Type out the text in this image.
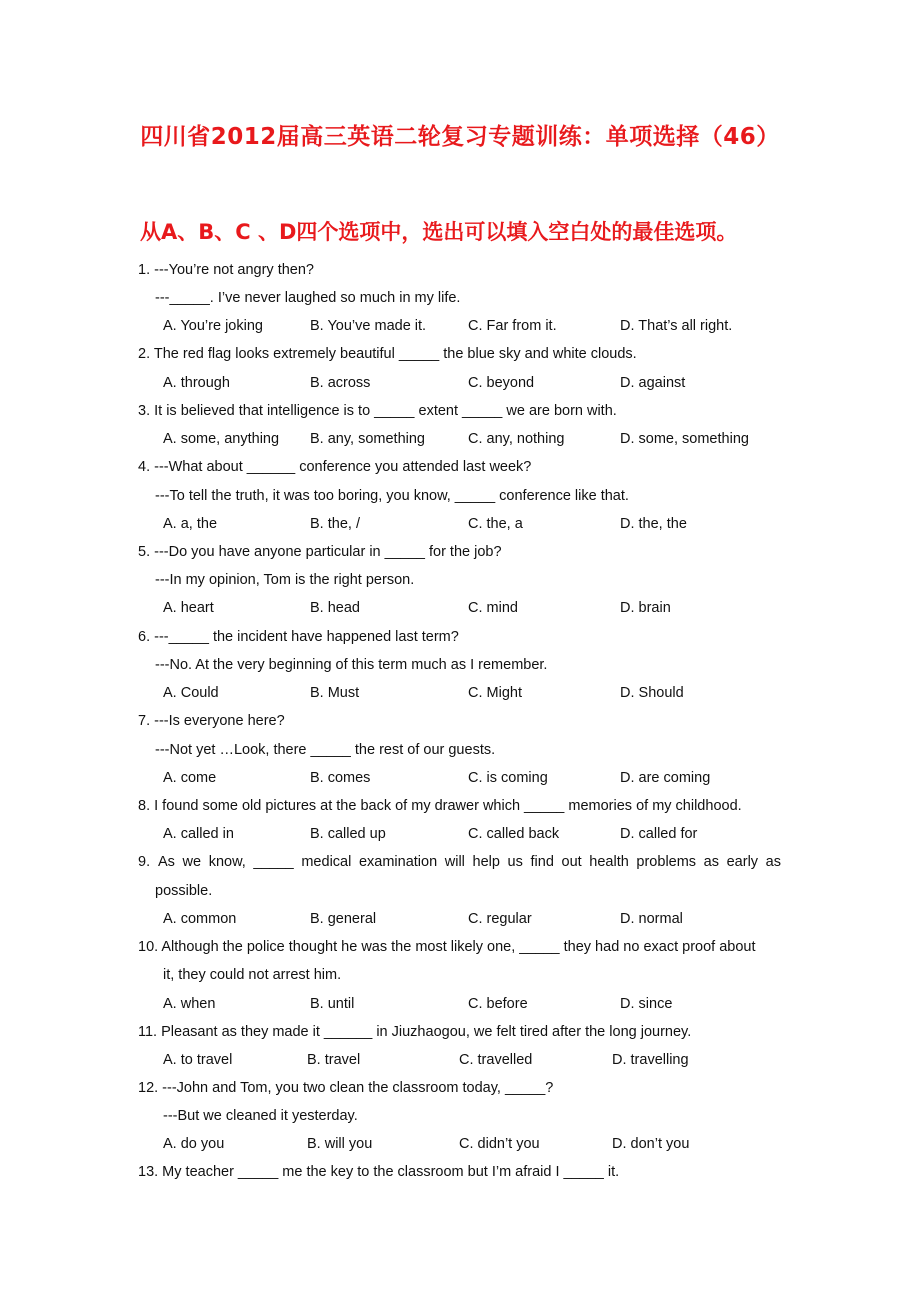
四川省2012届高三英语二轮复习专题训练：单项选择（46）
从A、B、C 、D四个选项中，选出可以填入空白处的最佳选项。
1. ---You’re not angry then?
---_____. I’ve never laughed so much in my life.
A. You’re joking	B. You’ve made it.	C. Far from it.	D. That’s all right.
2. The red flag looks extremely beautiful _____ the blue sky and white clouds.
A. through	B. across	C. beyond	D. against
3. It is believed that intelligence is to _____ extent _____ we are born with.
A. some, anything B. any, something	C. any, nothing	D. some, something
4. ---What about ______ conference you attended last week?
---To tell the truth, it was too boring, you know, _____ conference like that.
A. a, the	B. the, /	C. the, a	D. the, the
5. ---Do you have anyone particular in _____ for the job?
---In my opinion, Tom is the right person.
A. heart	B. head	C. mind	D. brain
6. ---_____ the incident have happened last term?
---No. At the very beginning of this term much as I remember.
A. Could	B. Must	C. Might	D. Should
7. ---Is everyone here?
---Not yet …Look, there _____ the rest of our guests.
A. come	B. comes	C. is coming	D. are coming
8. I found some old pictures at the back of my drawer which _____ memories of my childhood.
A. called in	B. called up	C. called back	D. called for
9. As we know, _____ medical examination will help us find out health problems as early as
possible.
A. common	B. general	C. regular	D. normal
10. Although the police thought he was the most likely one, _____ they had no exact proof about
it, they could not arrest him.
A. when	B. until	C. before	D. since
11. Pleasant as they made it ______ in Jiuzhaogou, we felt tired after the long journey.
A. to travel	B. travel	C. travelled	D. travelling
12. ---John and Tom, you two clean the classroom today, _____?
---But we cleaned it yesterday.
A. do you	B. will you	C. didn’t you	D. don’t you
13. My teacher _____ me the key to the classroom but I’m afraid I _____ it.
